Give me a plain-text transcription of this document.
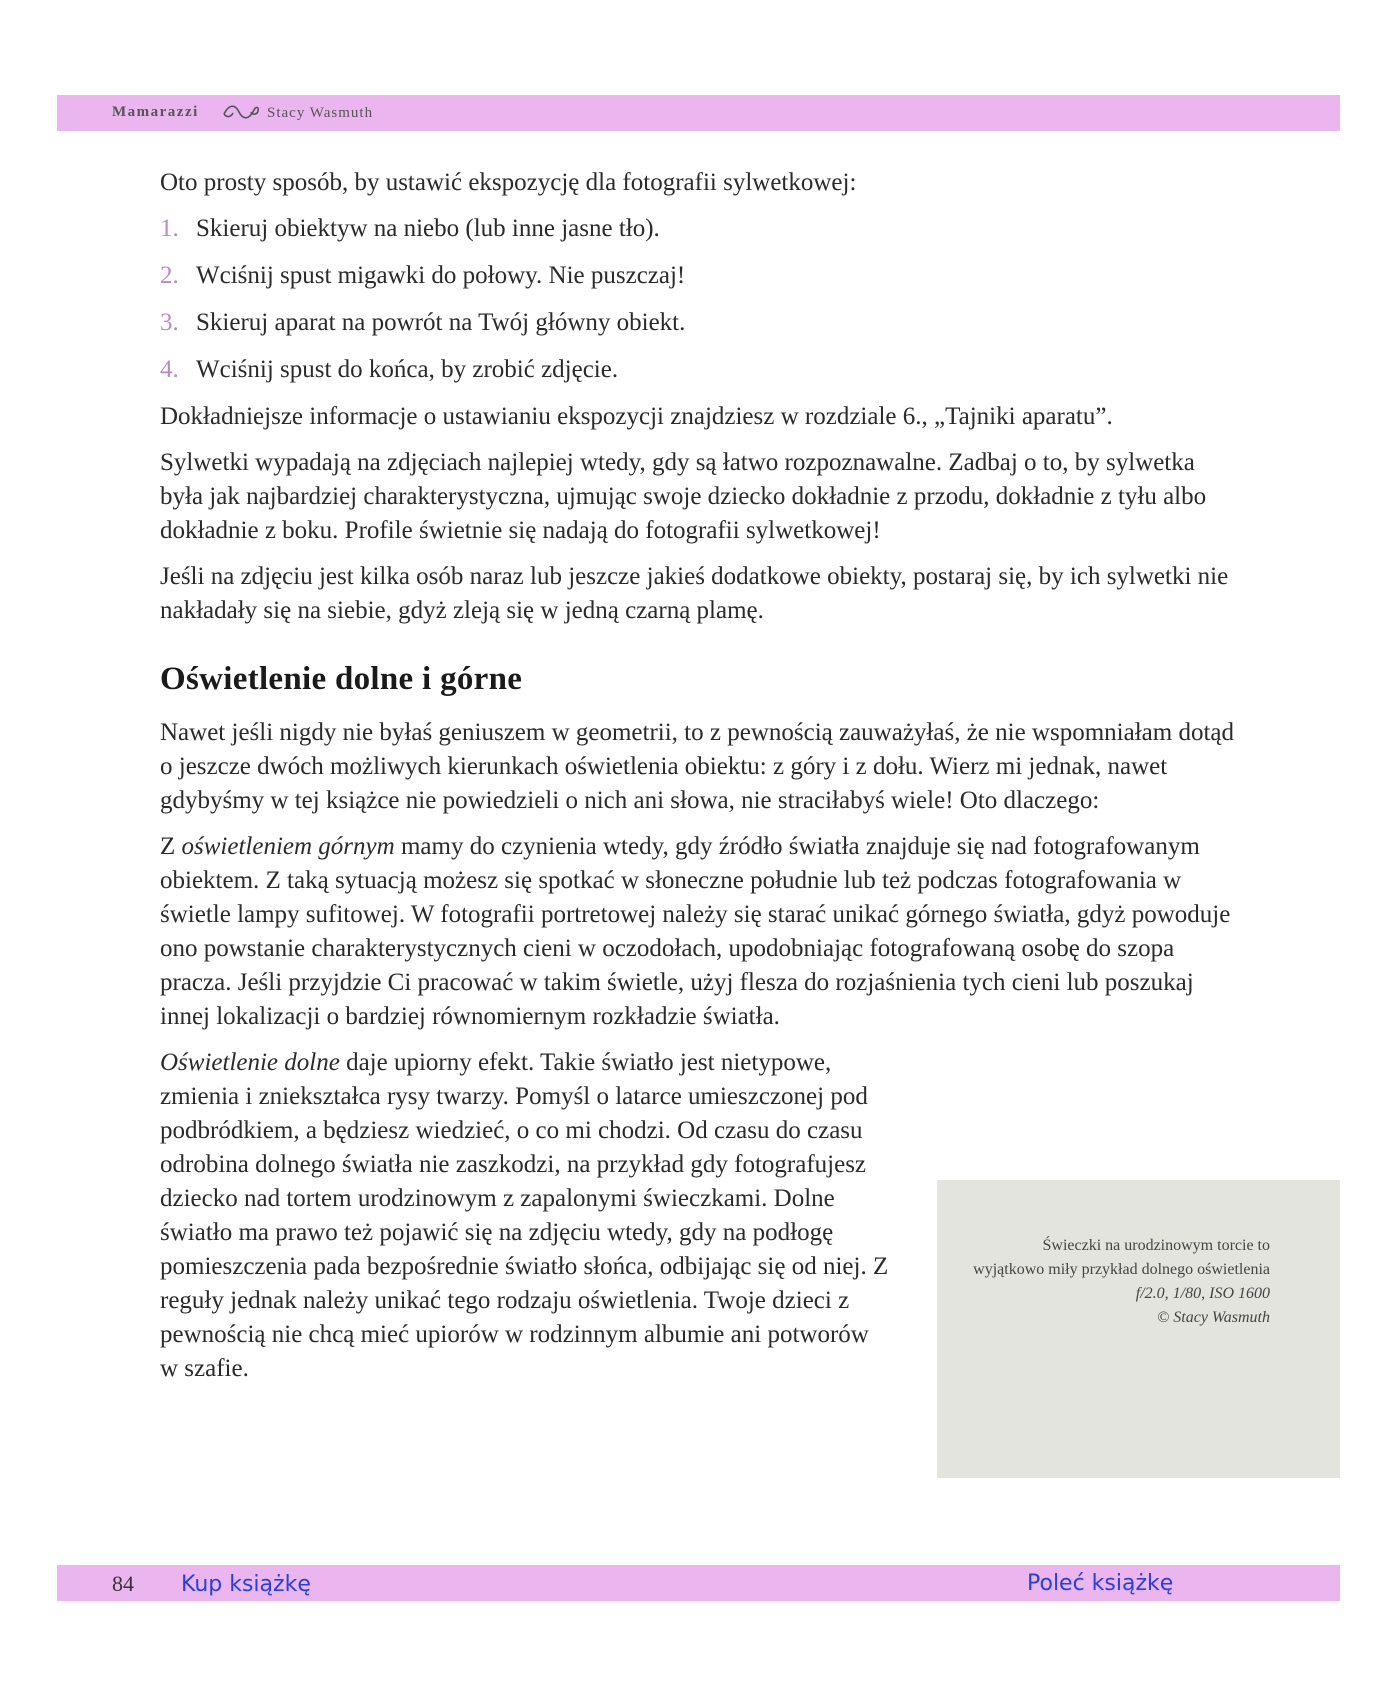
Mamarazzi	Stacy Wasmuth

Oto prosty sposób, by ustawić ekspozycję dla fotografii sylwetkowej:

1. Skieruj obiektyw na niebo (lub inne jasne tło).
2. Wciśnij spust migawki do połowy. Nie puszczaj!
3. Skieruj aparat na powrót na Twój główny obiekt.
4. Wciśnij spust do końca, by zrobić zdjęcie.

Dokładniejsze informacje o ustawianiu ekspozycji znajdziesz w rozdziale 6., „Tajniki aparatu”.

Sylwetki wypadają na zdjęciach najlepiej wtedy, gdy są łatwo rozpoznawalne. Zadbaj o to, by sylwetka była jak najbardziej charakterystyczna, ujmując swoje dziecko dokładnie z przodu, dokładnie z tyłu albo dokładnie z boku. Profile świetnie się nadają do fotografii sylwetkowej!

Jeśli na zdjęciu jest kilka osób naraz lub jeszcze jakieś dodatkowe obiekty, postaraj się, by ich sylwetki nie nakładały się na siebie, gdyż zleją się w jedną czarną plamę.

Oświetlenie dolne i górne

Nawet jeśli nigdy nie byłaś geniuszem w geometrii, to z pewnością zauważyłaś, że nie wspomniałam dotąd o jeszcze dwóch możliwych kierunkach oświetlenia obiektu: z góry i z dołu. Wierz mi jednak, nawet gdybyśmy w tej książce nie powiedzieli o nich ani słowa, nie straciłabyś wiele! Oto dlaczego:

Z oświetleniem górnym mamy do czynienia wtedy, gdy źródło światła znajduje się nad fotografowanym obiektem. Z taką sytuacją możesz się spotkać w słoneczne południe lub też podczas fotografowania w świetle lampy sufitowej. W fotografii portretowej należy się starać unikać górnego światła, gdyż powoduje ono powstanie charakterystycznych cieni w oczodołach, upodobniając fotografowaną osobę do szopa pracza. Jeśli przyjdzie Ci pracować w takim świetle, użyj flesza do rozjaśnienia tych cieni lub poszukaj innej lokalizacji o bardziej równomiernym rozkładzie światła.

Oświetlenie dolne daje upiorny efekt. Takie światło jest nietypowe, zmienia i zniekształca rysy twarzy. Pomyśl o latarce umieszczonej pod podbródkiem, a będziesz wiedzieć, o co mi chodzi. Od czasu do czasu odrobina dolnego światła nie zaszkodzi, na przykład gdy fotografujesz dziecko nad tortem urodzinowym z zapalonymi świeczkami. Dolne światło ma prawo też pojawić się na zdjęciu wtedy, gdy na podłogę pomieszczenia pada bezpośrednie światło słońca, odbijając się od niej. Z reguły jednak należy unikać tego rodzaju oświetlenia. Twoje dzieci z pewnością nie chcą mieć upiorów w rodzinnym albumie ani potworów w szafie.

Świeczki na urodzinowym torcie to wyjątkowo miły przykład dolnego oświetlenia
f/2.0, 1/80, ISO 1600
© Stacy Wasmuth
84 Kup książkę	Poleć książkę
